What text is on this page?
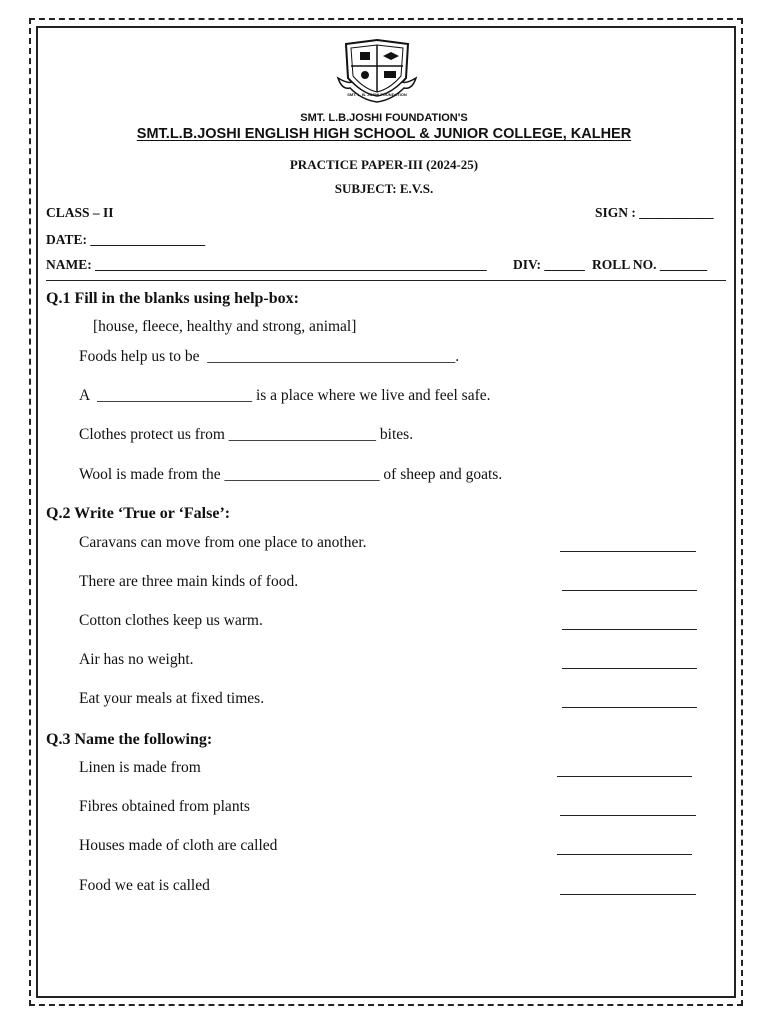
SMT. L. B. JOSHI FOUNDATION
SMT. L.B.JOSHI FOUNDATION'S
SMT.L.B.JOSHI ENGLISH HIGH SCHOOL & JUNIOR COLLEGE, KALHER
PRACTICE PAPER-III (2024-25)
SUBJECT: E.V.S.
CLASS – II	SIGN : ___________
DATE: _________________
NAME: __________________________________________________________ DIV: ______ ROLL NO. _______
Q.1 Fill in the blanks using help-box:
[house, fleece, healthy and strong, animal]
Foods help us to be  ________________________________.
A  ____________________ is a place where we live and feel safe.
Clothes protect us from ___________________ bites.
Wool is made from the ____________________ of sheep and goats.
Q.2 Write ‘True or ‘False’:
Caravans can move from one place to another.
There are three main kinds of food.
Cotton clothes keep us warm.
Air has no weight.
Eat your meals at fixed times.
Q.3 Name the following:
Linen is made from
Fibres obtained from plants
Houses made of cloth are called
Food we eat is called
